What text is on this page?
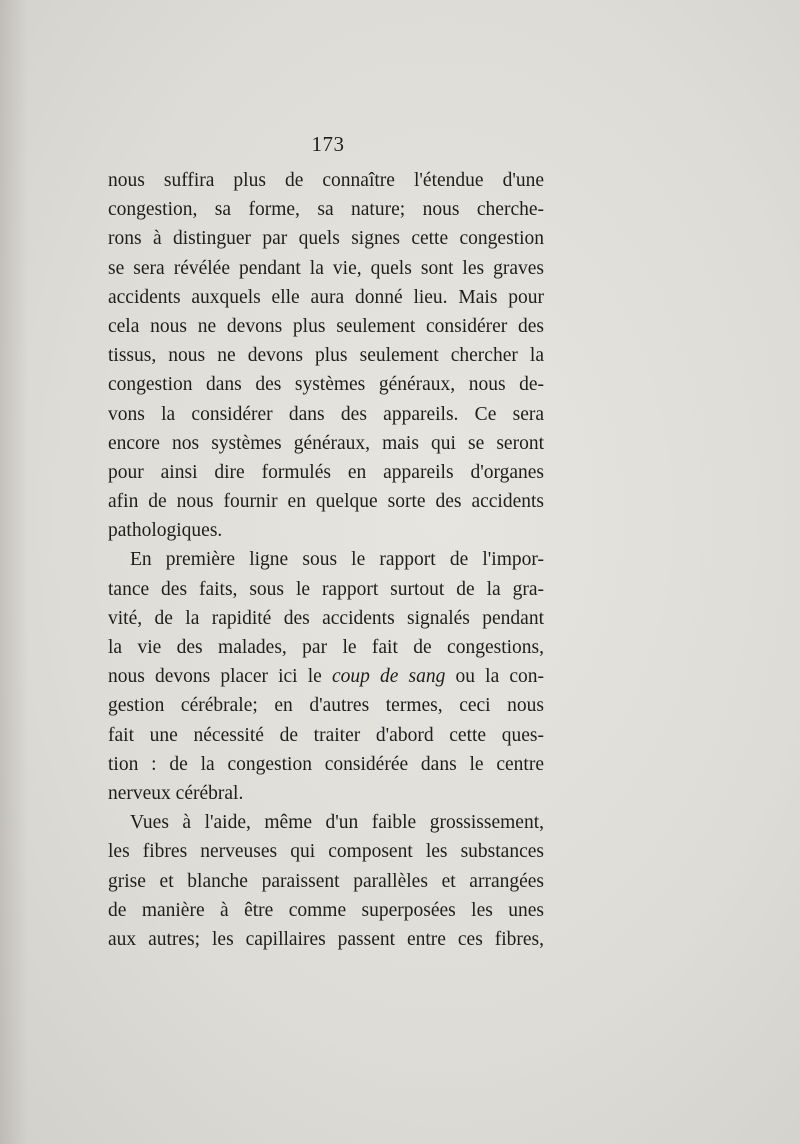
173
nous suffira plus de connaître l'étendue d'une
congestion, sa forme, sa nature; nous cherche-
rons à distinguer par quels signes cette congestion
se sera révélée pendant la vie, quels sont les graves
accidents auxquels elle aura donné lieu. Mais pour
cela nous ne devons plus seulement considérer des
tissus, nous ne devons plus seulement chercher la
congestion dans des systèmes généraux, nous de-
vons la considérer dans des appareils. Ce sera
encore nos systèmes généraux, mais qui se seront
pour ainsi dire formulés en appareils d'organes
afin de nous fournir en quelque sorte des accidents
pathologiques.
En première ligne sous le rapport de l'impor-
tance des faits, sous le rapport surtout de la gra-
vité, de la rapidité des accidents signalés pendant
la vie des malades, par le fait de congestions,
nous devons placer ici le coup de sang ou la con-
gestion cérébrale; en d'autres termes, ceci nous
fait une nécessité de traiter d'abord cette ques-
tion : de la congestion considérée dans le centre
nerveux cérébral.
Vues à l'aide, même d'un faible grossissement,
les fibres nerveuses qui composent les substances
grise et blanche paraissent parallèles et arrangées
de manière à être comme superposées les unes
aux autres; les capillaires passent entre ces fibres,
